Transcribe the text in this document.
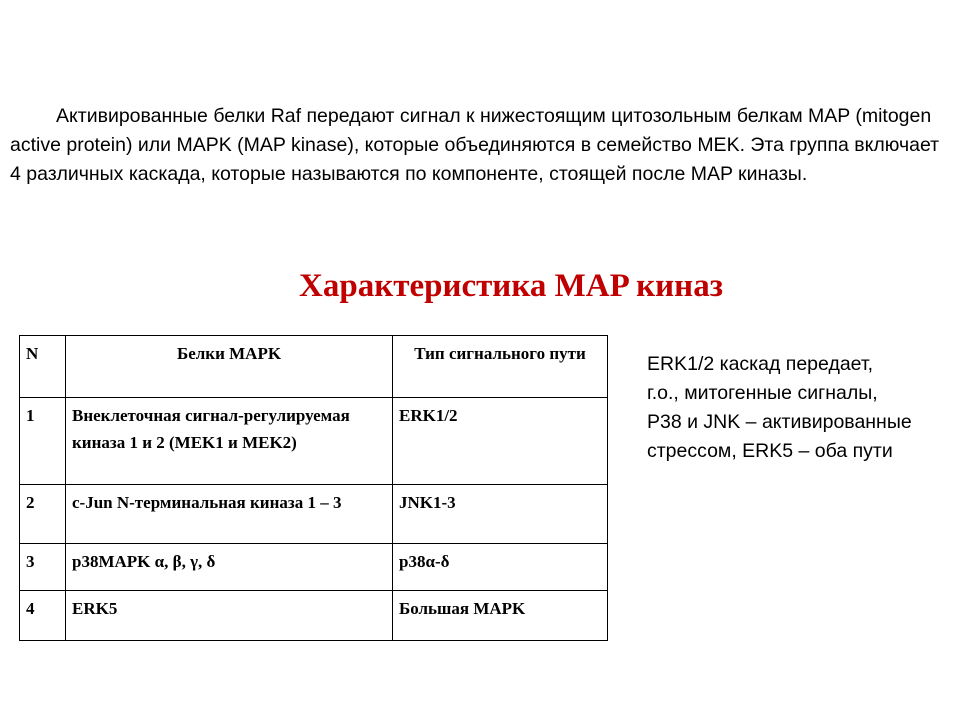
Активированные белки Raf передают сигнал к нижестоящим цитозольным белкам MAP (mitogen active protein) или MAPK (MAP kinase), которые объединяются в семейство MEK. Эта группа включает 4 различных каскада, которые называются по компоненте, стоящей после MAP киназы.

Характеристика MAP киназ
N	Белки MAPK	Тип сигнального пути
1	Внеклеточная сигнал-регулируемая киназа 1 и 2 (MEK1 и MEK2)	ERK1/2
2	c-Jun N-терминальная киназа 1 – 3	JNK1-3
3	p38MAPK α, β, γ, δ	p38α-δ
4	ERK5	Большая MAPK

ERK1/2 каскад передает,
г.о., митогенные сигналы,
P38 и JNK – активированные стрессом, ERK5 – оба пути
